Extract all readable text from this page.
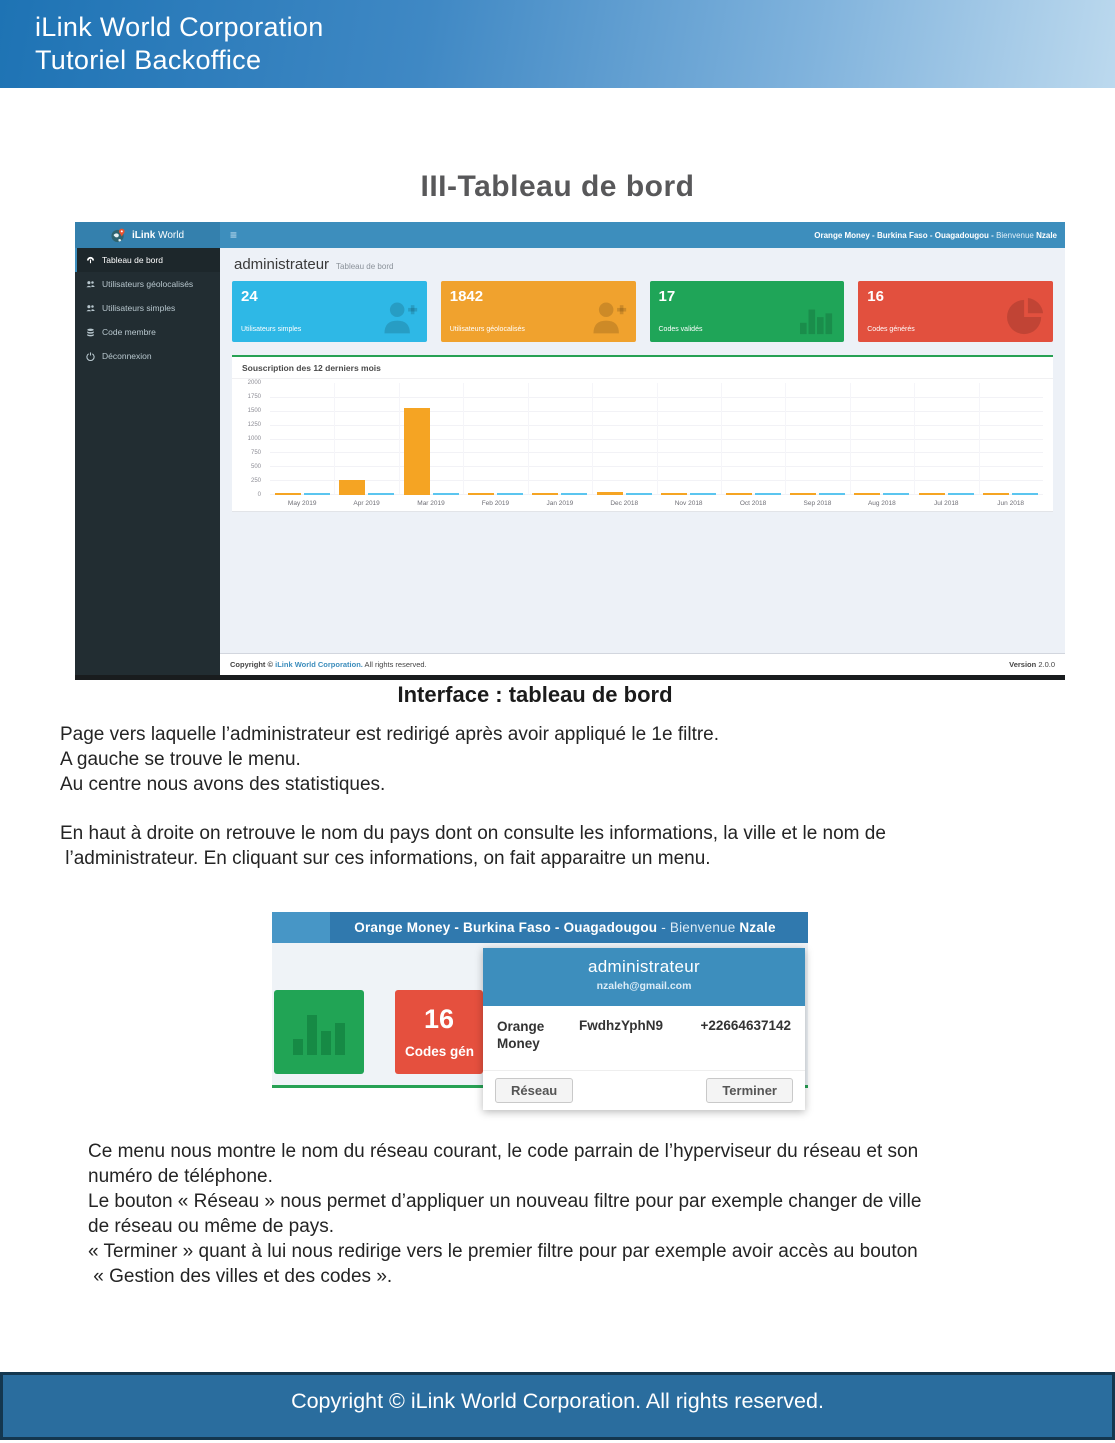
iLink World Corporation
Tutoriel Backoffice
III-Tableau de bord
iLink World	≡	Orange Money - Burkina Faso - Ouagadougou - Bienvenue Nzale
Tableau de bord
Utilisateurs géolocalisés
Utilisateurs simples
Code membre
Déconnexion
administrateur Tableau de bord
24
Utilisateurs simples
1842
Utilisateurs géolocalisés
17
Codes validés
16
Codes générés
Souscription des 12 derniers mois
2000
1750
1500
1250
1000
750
500
250
0
May 2019	Apr 2019	Mar 2019	Feb 2019	Jan 2019	Dec 2018	Nov 2018	Oct 2018	Sep 2018	Aug 2018	Jul 2018	Jun 2018
Copyright © iLink World Corporation. All rights reserved.	Version 2.0.0
Interface : tableau de bord
Page vers laquelle l’administrateur est redirigé après avoir appliqué le 1e filtre.
A gauche se trouve le menu.
Au centre nous avons des statistiques.
En haut à droite on retrouve le nom du pays dont on consulte les informations, la ville et le nom de
l’administrateur. En cliquant sur ces informations, on fait apparaitre un menu.
Ce menu nous montre le nom du réseau courant, le code parrain de l’hyperviseur du réseau et son
numéro de téléphone.
Le bouton « Réseau » nous permet d’appliquer un nouveau filtre pour par exemple changer de ville
de réseau ou même de pays.
« Terminer » quant à lui nous redirige vers le premier filtre pour par exemple avoir accès au bouton
« Gestion des villes et des codes ».
Orange Money - Burkina Faso - Ouagadougou - Bienvenue Nzale
16
Codes gén
administrateur
nzaleh@gmail.com
Orange Money
FwdhzYphN9	+22664637142
Réseau	Terminer
Copyright © iLink World Corporation. All rights reserved.
